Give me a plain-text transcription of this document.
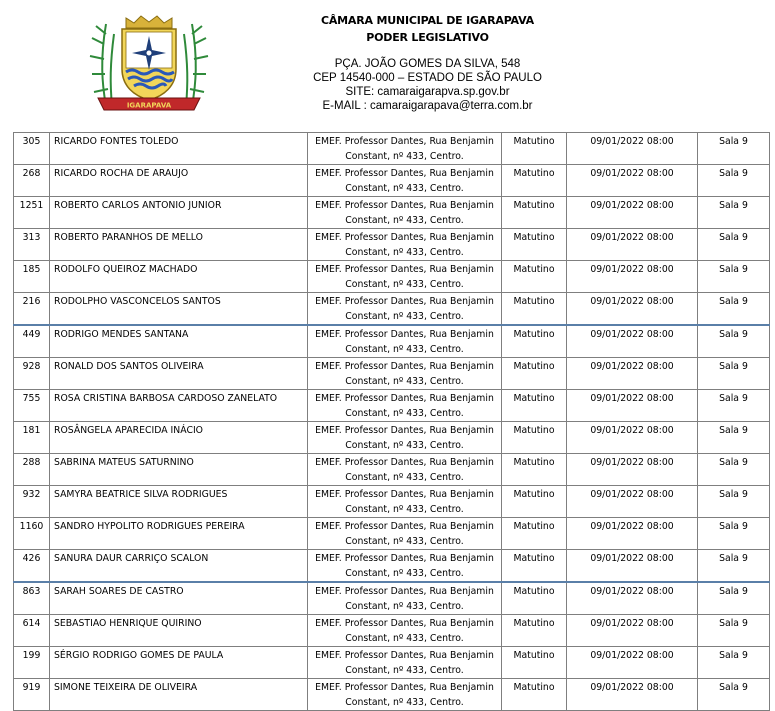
IGARAPAVA
CÂMARA MUNICIPAL DE IGARAPAVA
PODER LEGISLATIVO
PÇA. JOÃO GOMES DA SILVA, 548
CEP 14540-000 – ESTADO DE SÃO PAULO
SITE: camaraigarapva.sp.gov.br
E-MAIL : camaraigarapava@terra.com.br
305	RICARDO FONTES TOLEDO	EMEF. Professor Dantes, Rua Benjamin Constant, nº 433, Centro.	Matutino	09/01/2022 08:00	Sala 9
268	RICARDO ROCHA DE ARAUJO	EMEF. Professor Dantes, Rua Benjamin Constant, nº 433, Centro.	Matutino	09/01/2022 08:00	Sala 9
1251	ROBERTO CARLOS ANTONIO JUNIOR	EMEF. Professor Dantes, Rua Benjamin Constant, nº 433, Centro.	Matutino	09/01/2022 08:00	Sala 9
313	ROBERTO PARANHOS DE MELLO	EMEF. Professor Dantes, Rua Benjamin Constant, nº 433, Centro.	Matutino	09/01/2022 08:00	Sala 9
185	RODOLFO QUEIROZ MACHADO	EMEF. Professor Dantes, Rua Benjamin Constant, nº 433, Centro.	Matutino	09/01/2022 08:00	Sala 9
216	RODOLPHO VASCONCELOS SANTOS	EMEF. Professor Dantes, Rua Benjamin Constant, nº 433, Centro.	Matutino	09/01/2022 08:00	Sala 9
449	RODRIGO MENDES SANTANA	EMEF. Professor Dantes, Rua Benjamin Constant, nº 433, Centro.	Matutino	09/01/2022 08:00	Sala 9
928	RONALD DOS SANTOS OLIVEIRA	EMEF. Professor Dantes, Rua Benjamin Constant, nº 433, Centro.	Matutino	09/01/2022 08:00	Sala 9
755	ROSA CRISTINA BARBOSA CARDOSO ZANELATO	EMEF. Professor Dantes, Rua Benjamin Constant, nº 433, Centro.	Matutino	09/01/2022 08:00	Sala 9
181	ROSÂNGELA APARECIDA INÁCIO	EMEF. Professor Dantes, Rua Benjamin Constant, nº 433, Centro.	Matutino	09/01/2022 08:00	Sala 9
288	SABRINA MATEUS SATURNINO	EMEF. Professor Dantes, Rua Benjamin Constant, nº 433, Centro.	Matutino	09/01/2022 08:00	Sala 9
932	SAMYRA BEATRICE SILVA RODRIGUES	EMEF. Professor Dantes, Rua Benjamin Constant, nº 433, Centro.	Matutino	09/01/2022 08:00	Sala 9
1160	SANDRO HYPOLITO RODRIGUES PEREIRA	EMEF. Professor Dantes, Rua Benjamin Constant, nº 433, Centro.	Matutino	09/01/2022 08:00	Sala 9
426	SANURA DAUR CARRIÇO SCALON	EMEF. Professor Dantes, Rua Benjamin Constant, nº 433, Centro.	Matutino	09/01/2022 08:00	Sala 9
863	SARAH SOARES DE CASTRO	EMEF. Professor Dantes, Rua Benjamin Constant, nº 433, Centro.	Matutino	09/01/2022 08:00	Sala 9
614	SEBASTIAO HENRIQUE QUIRINO	EMEF. Professor Dantes, Rua Benjamin Constant, nº 433, Centro.	Matutino	09/01/2022 08:00	Sala 9
199	SÉRGIO RODRIGO GOMES DE PAULA	EMEF. Professor Dantes, Rua Benjamin Constant, nº 433, Centro.	Matutino	09/01/2022 08:00	Sala 9
919	SIMONE TEIXEIRA DE OLIVEIRA	EMEF. Professor Dantes, Rua Benjamin Constant, nº 433, Centro.	Matutino	09/01/2022 08:00	Sala 9
